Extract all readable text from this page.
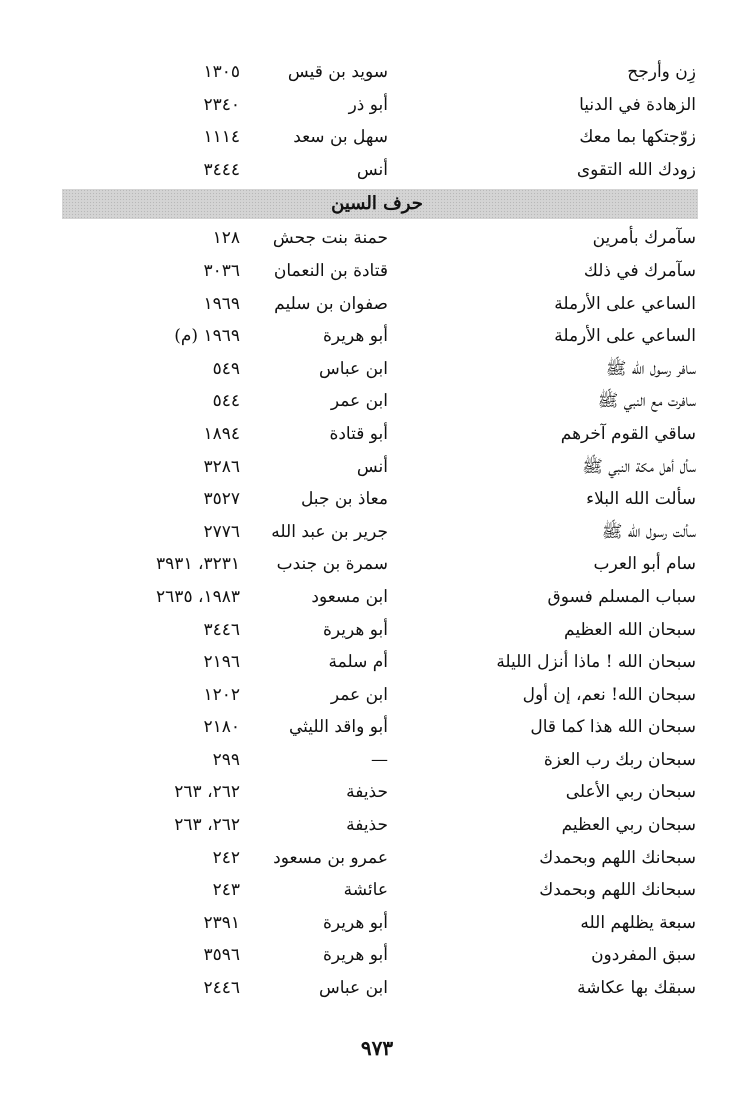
زِن وأرجح
سويد بن قيس
١٣٠٥
الزهادة في الدنيا
أبو ذر
٢٣٤٠
زوّجتكها بما معك
سهل بن سعد
١١١٤
زودك الله التقوى
أنس
٣٤٤٤
حرف السين
سآمرك بأمرين
حمنة بنت جحش
١٢٨
سآمرك في ذلك
قتادة بن النعمان
٣٠٣٦
الساعي على الأرملة
صفوان بن سليم
١٩٦٩
الساعي على الأرملة
أبو هريرة
١٩٦٩ (م)
سافر رسول الله ﷺ
ابن عباس
٥٤٩
سافرت مع النبي ﷺ
ابن عمر
٥٤٤
ساقي القوم آخرهم
أبو قتادة
١٨٩٤
سأل أهل مكة النبي ﷺ
أنس
٣٢٨٦
سألت الله البلاء
معاذ بن جبل
٣٥٢٧
سألت رسول الله ﷺ
جرير بن عبد الله
٢٧٧٦
سام أبو العرب
سمرة بن جندب
٣٢٣١، ٣٩٣١
سباب المسلم فسوق
ابن مسعود
١٩٨٣، ٢٦٣٥
سبحان الله العظيم
أبو هريرة
٣٤٤٦
سبحان الله ! ماذا أنزل الليلة
أم سلمة
٢١٩٦
سبحان الله! نعم، إن أول
ابن عمر
١٢٠٢
سبحان الله هذا كما قال
أبو واقد الليثي
٢١٨٠
سبحان ربك رب العزة
—
٢٩٩
سبحان ربي الأعلى
حذيفة
٢٦٢، ٢٦٣
سبحان ربي العظيم
حذيفة
٢٦٢، ٢٦٣
سبحانك اللهم وبحمدك
عمرو بن مسعود
٢٤٢
سبحانك اللهم وبحمدك
عائشة
٢٤٣
سبعة يظلهم الله
أبو هريرة
٢٣٩١
سبق المفردون
أبو هريرة
٣٥٩٦
سبقك بها عكاشة
ابن عباس
٢٤٤٦
٩٧٣
